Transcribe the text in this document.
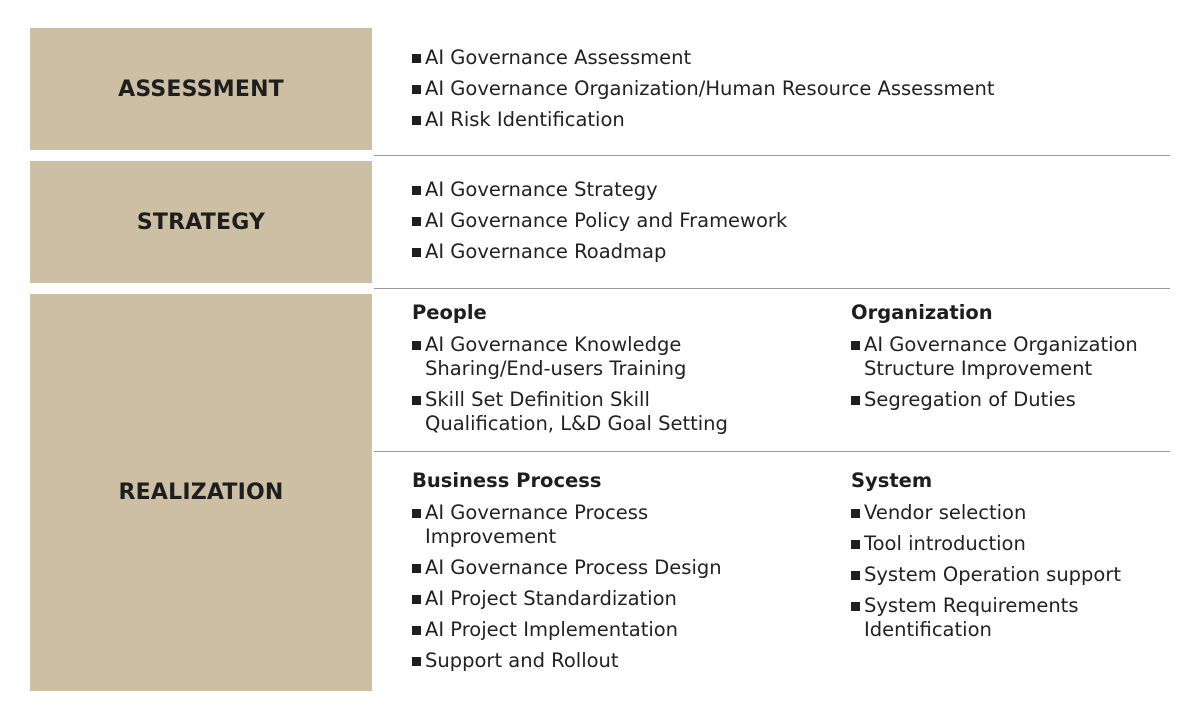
ASSESSMENT
STRATEGY
REALIZATION
AI Governance Assessment
AI Governance Organization/Human Resource Assessment
AI Risk Identification
AI Governance Strategy
AI Governance Policy and Framework
AI Governance Roadmap
People
AI Governance Knowledge Sharing/End-users Training
Skill Set Definition Skill Qualification, L&D Goal Setting
Organization
AI Governance Organization Structure Improvement
Segregation of Duties
Business Process
AI Governance Process Improvement
AI Governance Process Design
AI Project Standardization
AI Project Implementation
Support and Rollout
System
Vendor selection
Tool introduction
System Operation support
System Requirements Identification
